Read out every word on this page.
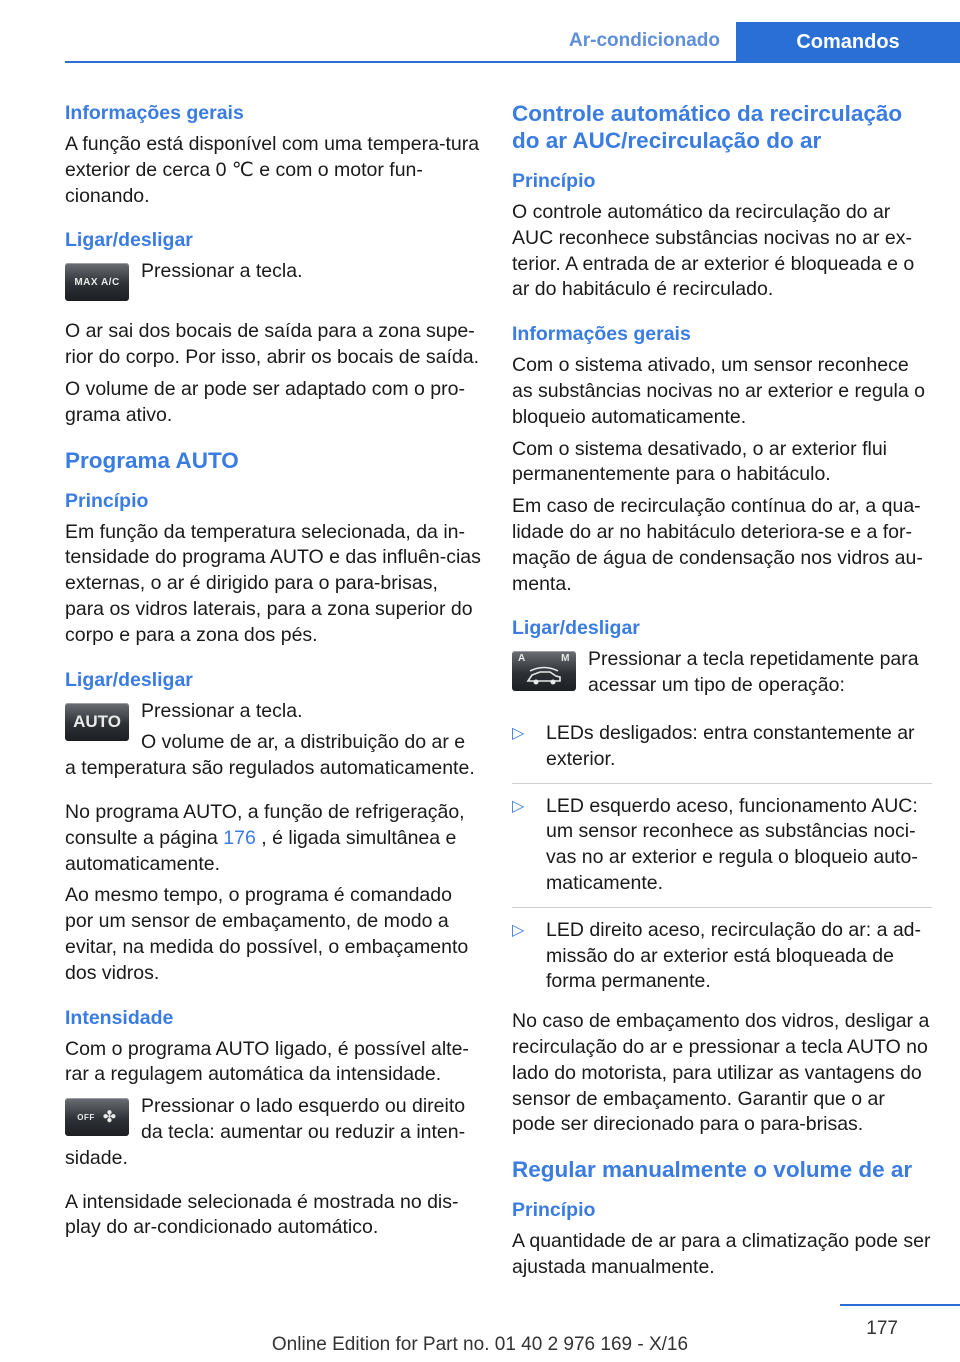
Ar-condicionado	Comandos
Informações gerais

A função está disponível com uma tempera‐tura exterior de cerca 0 ℃ e com o motor fun‐cionando.

Ligar/desligar
MAX A/C	Pressionar a tecla.

O ar sai dos bocais de saída para a zona supe‐rior do corpo. Por isso, abrir os bocais de saída.

O volume de ar pode ser adaptado com o pro‐grama ativo.

Programa AUTO
Princípio

Em função da temperatura selecionada, da in‐tensidade do programa AUTO e das influên‐cias externas, o ar é dirigido para o para-brisas, para os vidros laterais, para a zona superior do corpo e para a zona dos pés.

Ligar/desligar
AUTO	Pressionar a tecla.

O volume de ar, a distribuição do ar e a temperatura são regulados automaticamente.

No programa AUTO, a função de refrigeração, consulte a página 176 , é ligada simultânea e automaticamente.

Ao mesmo tempo, o programa é comandado por um sensor de embaçamento, de modo a evitar, na medida do possível, o embaçamento dos vidros.

Intensidade

Com o programa AUTO ligado, é possível alte‐rar a regulagem automática da intensidade.

OFF ✤

Pressionar o lado esquerdo ou direito da tecla: aumentar ou reduzir a inten‐sidade.

A intensidade selecionada é mostrada no dis‐play do ar-condicionado automático.

Controle automático da recirculação do ar AUC/recirculação do ar
Princípio

O controle automático da recirculação do ar AUC reconhece substâncias nocivas no ar ex‐terior. A entrada de ar exterior é bloqueada e o ar do habitáculo é recirculado.

Informações gerais

Com o sistema ativado, um sensor reconhece as substâncias nocivas no ar exterior e regula o bloqueio automaticamente.

Com o sistema desativado, o ar exterior flui permanentemente para o habitáculo.

Em caso de recirculação contínua do ar, a qua‐lidade do ar no habitáculo deteriora-se e a for‐mação de água de condensação nos vidros au‐menta.

Ligar/desligar
A	M Pressionar a tecla repetidamente para acessar um tipo de operação:

▷ LEDs desligados: entra constantemente ar exterior.
▷ LED esquerdo aceso, funcionamento AUC: um sensor reconhece as substâncias noci‐vas no ar exterior e regula o bloqueio auto‐maticamente.
▷ LED direito aceso, recirculação do ar: a ad‐missão do ar exterior está bloqueada de forma permanente.

No caso de embaçamento dos vidros, desligar a recirculação do ar e pressionar a tecla AUTO no lado do motorista, para utilizar as vantagens do sensor de embaçamento. Garantir que o ar pode ser direcionado para o para-brisas.

Regular manualmente o volume de ar
Princípio

A quantidade de ar para a climatização pode ser ajustada manualmente.

177
Online Edition for Part no. 01 40 2 976 169 - X/16
